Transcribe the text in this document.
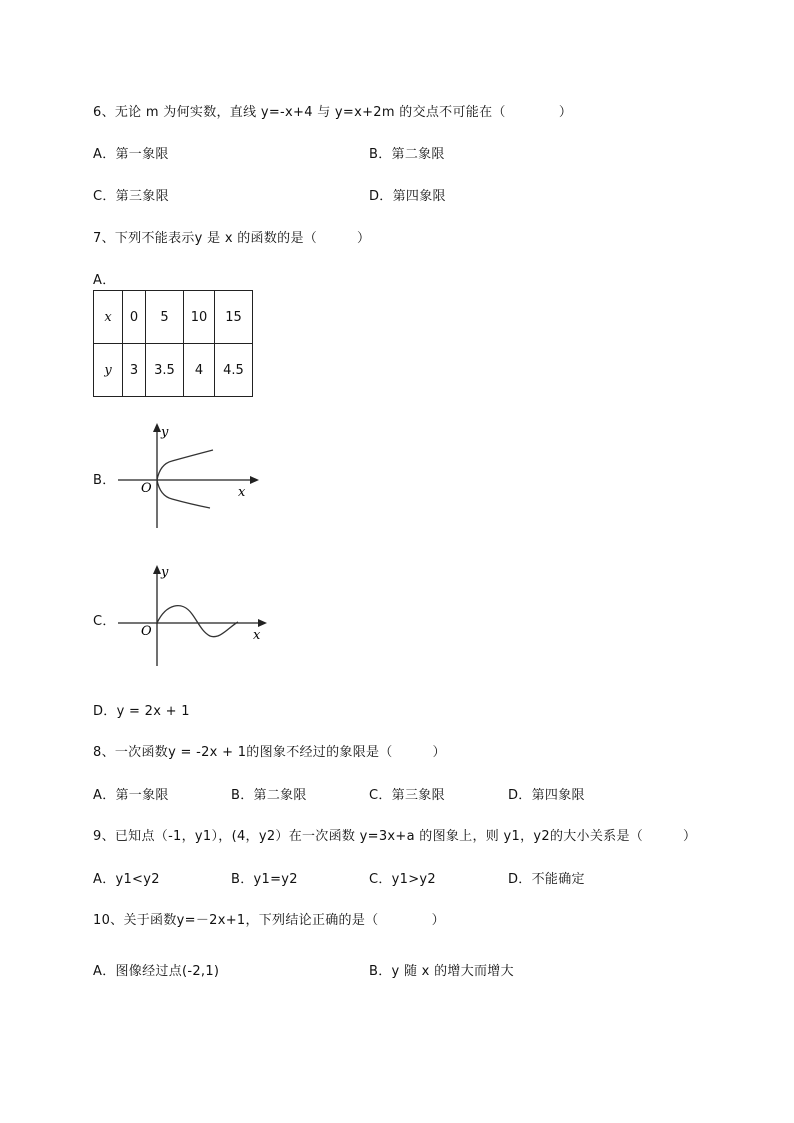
6、无论 m 为何实数，直线 y=-x+4 与 y=x+2m 的交点不可能在（　　　　）
A．第一象限	B．第二象限
C．第三象限	D．第四象限
7、下列不能表示y 是 x 的函数的是（　　　）
A．
x	0	5	10	15
y	3	3.5	4	4.5
B．
y
x
O
C．
y
x
O
D．y = 2x + 1
8、一次函数y = -2x + 1的图象不经过的象限是（　　　）
A．第一象限	B．第二象限	C．第三象限	D．第四象限
9、已知点（-1，y1），(4，y2）在一次函数 y=3x+a 的图象上，则 y1，y2的大小关系是（　　　）
A．y1<y2	B．y1=y2	C．y1>y2	D．不能确定
10、关于函数y=－2x+1，下列结论正确的是（　　　　）
A．图像经过点(-2,1)	B．y 随 x 的增大而增大
